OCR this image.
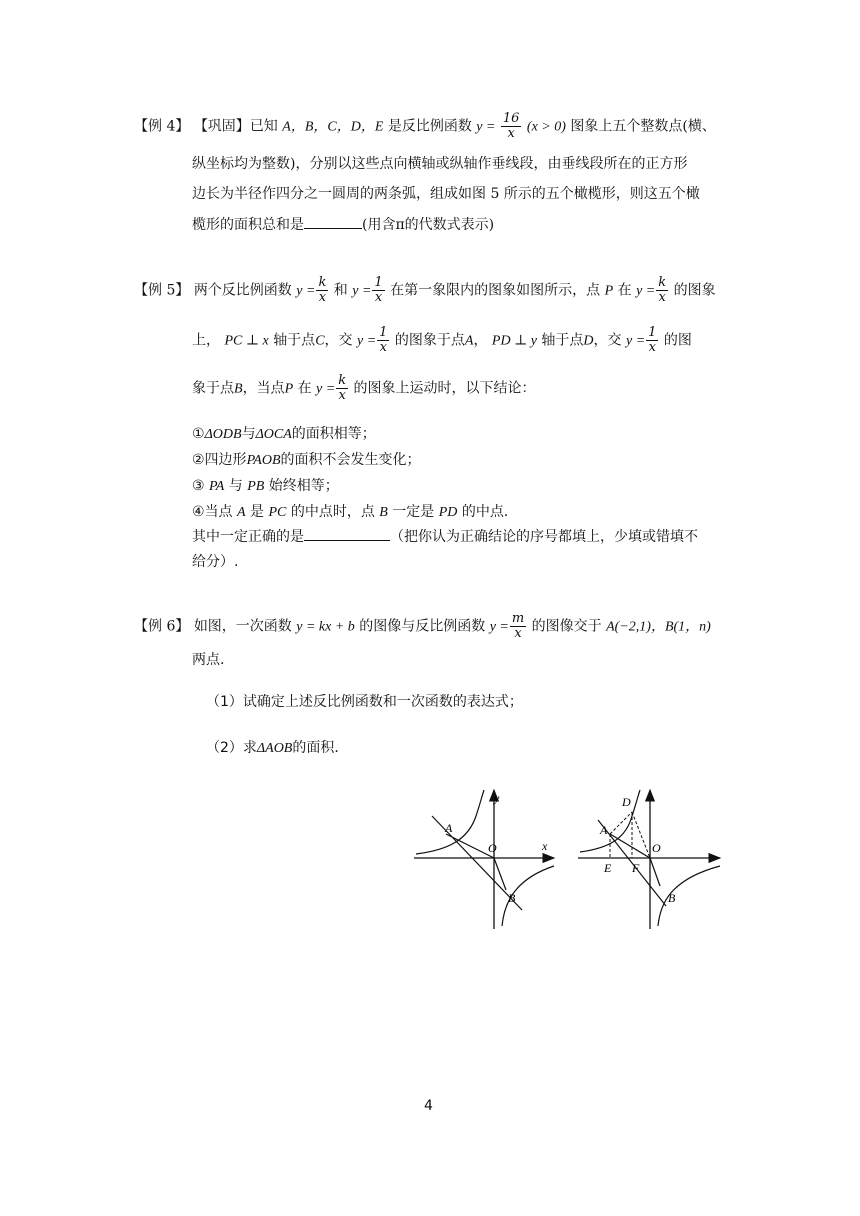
【例 4】 【巩固】已知 A，B，C，D，E 是反比例函数 $y = \frac{16}{x} (x > 0)$ 图象上五个整数点(横、
纵坐标均为整数)，分别以这些点向横轴或纵轴作垂线段，由垂线段所在的正方形
边长为半径作四分之一圆周的两条弧，组成如图 5 所示的五个橄榄形，则这五个橄
榄形的面积总和是	(用含π的代数式表示)
【例 5】 两个反比例函数 $y = \frac{k}{x}$ 和 $y = \frac{1}{x}$ 在第一象限内的图象如图所示，点 P 在 $y = \frac{k}{x}$ 的图象
上， PC ⊥ x 轴于点C，交 $y = \frac{1}{x}$ 的图象于点A， PD ⊥ y 轴于点D，交 $y = \frac{1}{x}$ 的图
象于点B，当点P 在 $y = \frac{k}{x}$ 的图象上运动时，以下结论：
①ΔODB与ΔOCA的面积相等；
②四边形PAOB的面积不会发生变化；
③ PA 与 PB 始终相等；
④当点 A 是 PC 的中点时，点 B 一定是 PD 的中点．
其中一定正确的是	（把你认为正确结论的序号都填上，少填或错填不
给分）.
【例 6】 如图，一次函数 y = kx + b 的图像与反比例函数 $y = \frac{m}{x}$ 的图像交于 A(−2,1)，B(1，n)
两点.
（1）试确定上述反比例函数和一次函数的表达式；
（2）求ΔAOB的面积．
y
x
A
O
B
D
A
O
E F
B
4
